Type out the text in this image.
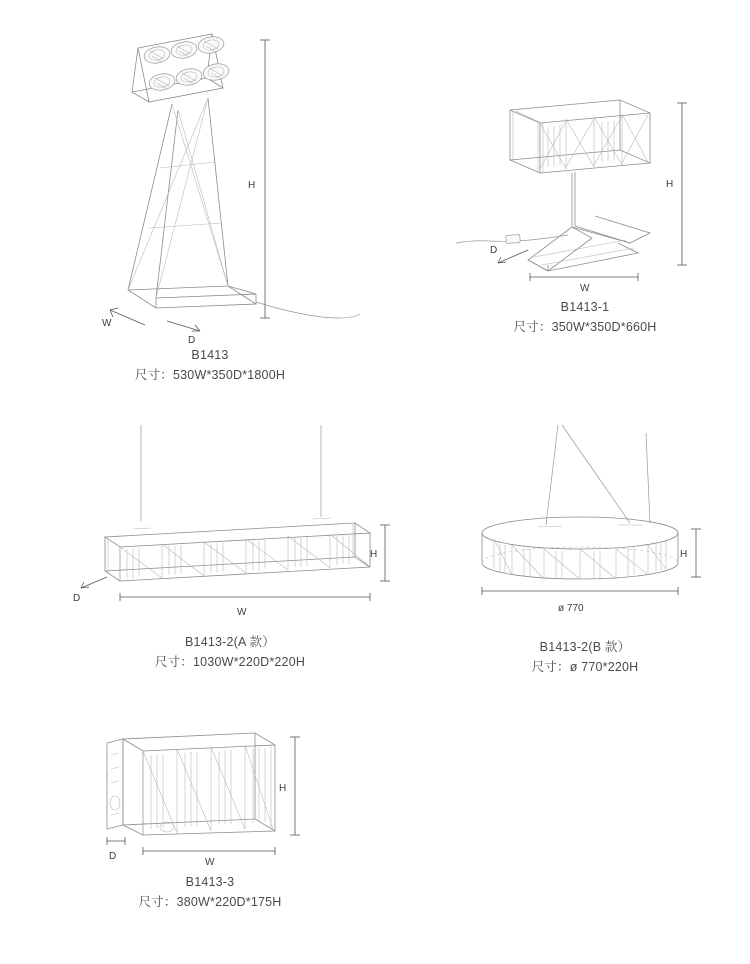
H
W
D
B1413
尺寸：530W*350D*1800H
H
W
D
B1413-1
尺寸：350W*350D*660H
H
W
D
B1413-2(A 款）
尺寸：1030W*220D*220H
H
ø 770
B1413-2(B 款）
尺寸：ø 770*220H
H
W
D
B1413-3
尺寸：380W*220D*175H
